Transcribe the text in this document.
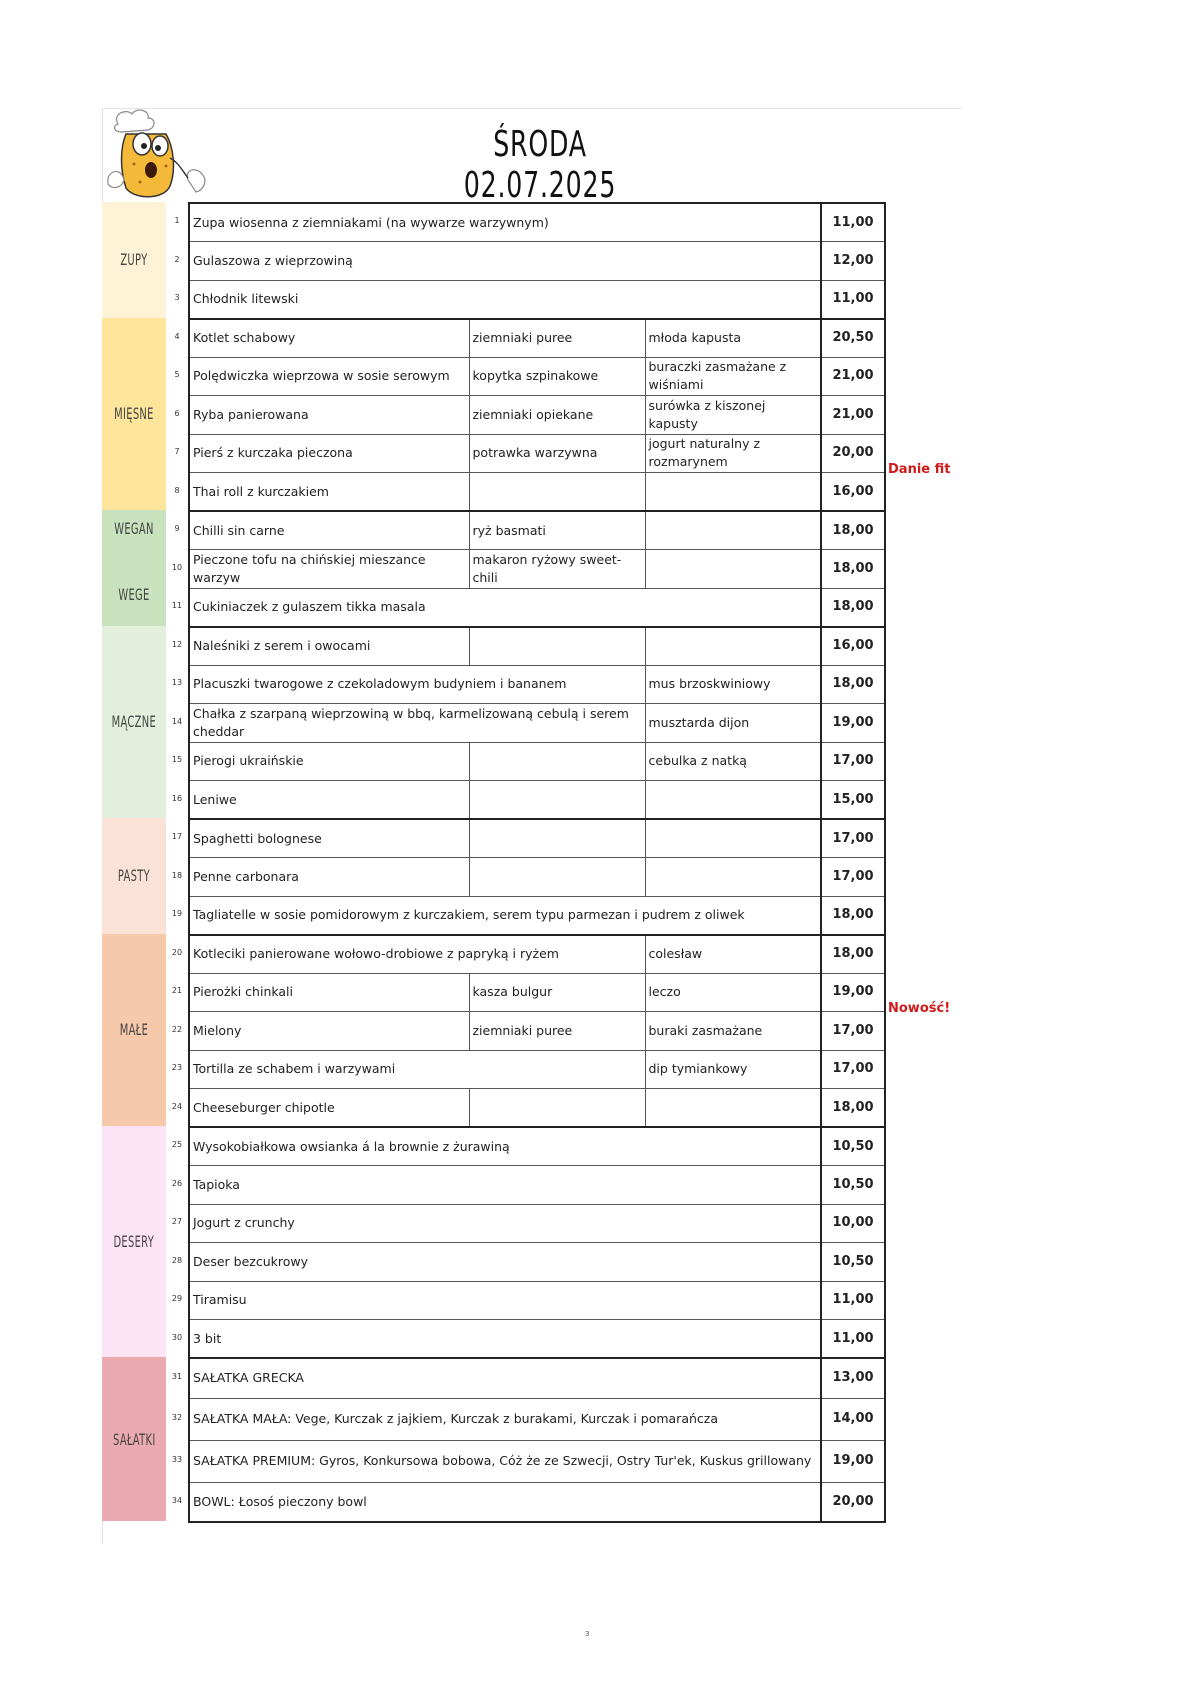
ŚRODA 02.07.2025
ZUPY
MIĘSNE
WEGAN
WEGE
MĄCZNE
PASTY
MAŁE
DESERY
SAŁATKI
1
2
3
4
5
6
7
8
9
10
11
12
13
14
15
16
17
18
19
20
21
22
23
24
25
26
27
28
29
30
31
32
33
34
Zupa wiosenna z ziemniakami (na wywarze warzywnym)			11,00
Gulaszowa z wieprzowiną			12,00
Chłodnik litewski			11,00
Kotlet schabowy	ziemniaki puree	młoda kapusta	20,50
Polędwiczka wieprzowa w sosie serowym	kopytka szpinakowe	buraczki zasmażane z wiśniami	21,00
Ryba panierowana	ziemniaki opiekane	surówka z kiszonej kapusty	21,00
Pierś z kurczaka pieczona	potrawka warzywna	jogurt naturalny z rozmarynem	20,00
Thai roll z kurczakiem			16,00
Chilli sin carne	ryż basmati		18,00
Pieczone tofu na chińskiej mieszance warzyw	makaron ryżowy sweet-chili		18,00
Cukiniaczek z gulaszem tikka masala			18,00
Naleśniki z serem i owocami			16,00
Placuszki twarogowe z czekoladowym budyniem i bananem		mus brzoskwiniowy	18,00
Chałka z szarpaną wieprzowiną w bbq, karmelizowaną cebulą i serem cheddar		musztarda dijon	19,00
Pierogi ukraińskie		cebulka z natką	17,00
Leniwe			15,00
Spaghetti bolognese			17,00
Penne carbonara			17,00
Tagliatelle w sosie pomidorowym z kurczakiem, serem typu parmezan i pudrem z oliwek			18,00
Kotleciki panierowane wołowo-drobiowe z papryką i ryżem		colesław	18,00
Pierożki chinkali	kasza bulgur	leczo	19,00
Mielony	ziemniaki puree	buraki zasmażane	17,00
Tortilla ze schabem i warzywami		dip tymiankowy	17,00
Cheeseburger chipotle			18,00
Wysokobiałkowa owsianka á la brownie z żurawiną			10,50
Tapioka			10,50
Jogurt z crunchy			10,00
Deser bezcukrowy			10,50
Tiramisu			11,00
3 bit			11,00
SAŁATKA GRECKA			13,00
SAŁATKA MAŁA: Vege, Kurczak z jajkiem, Kurczak z burakami, Kurczak i pomarańcza			14,00
SAŁATKA PREMIUM: Gyros, Konkursowa bobowa, Cóż że ze Szwecji, Ostry Tur'ek, Kuskus grillowany			19,00
BOWL: Łosoś pieczony bowl			20,00
Danie fit
Nowość!
3
